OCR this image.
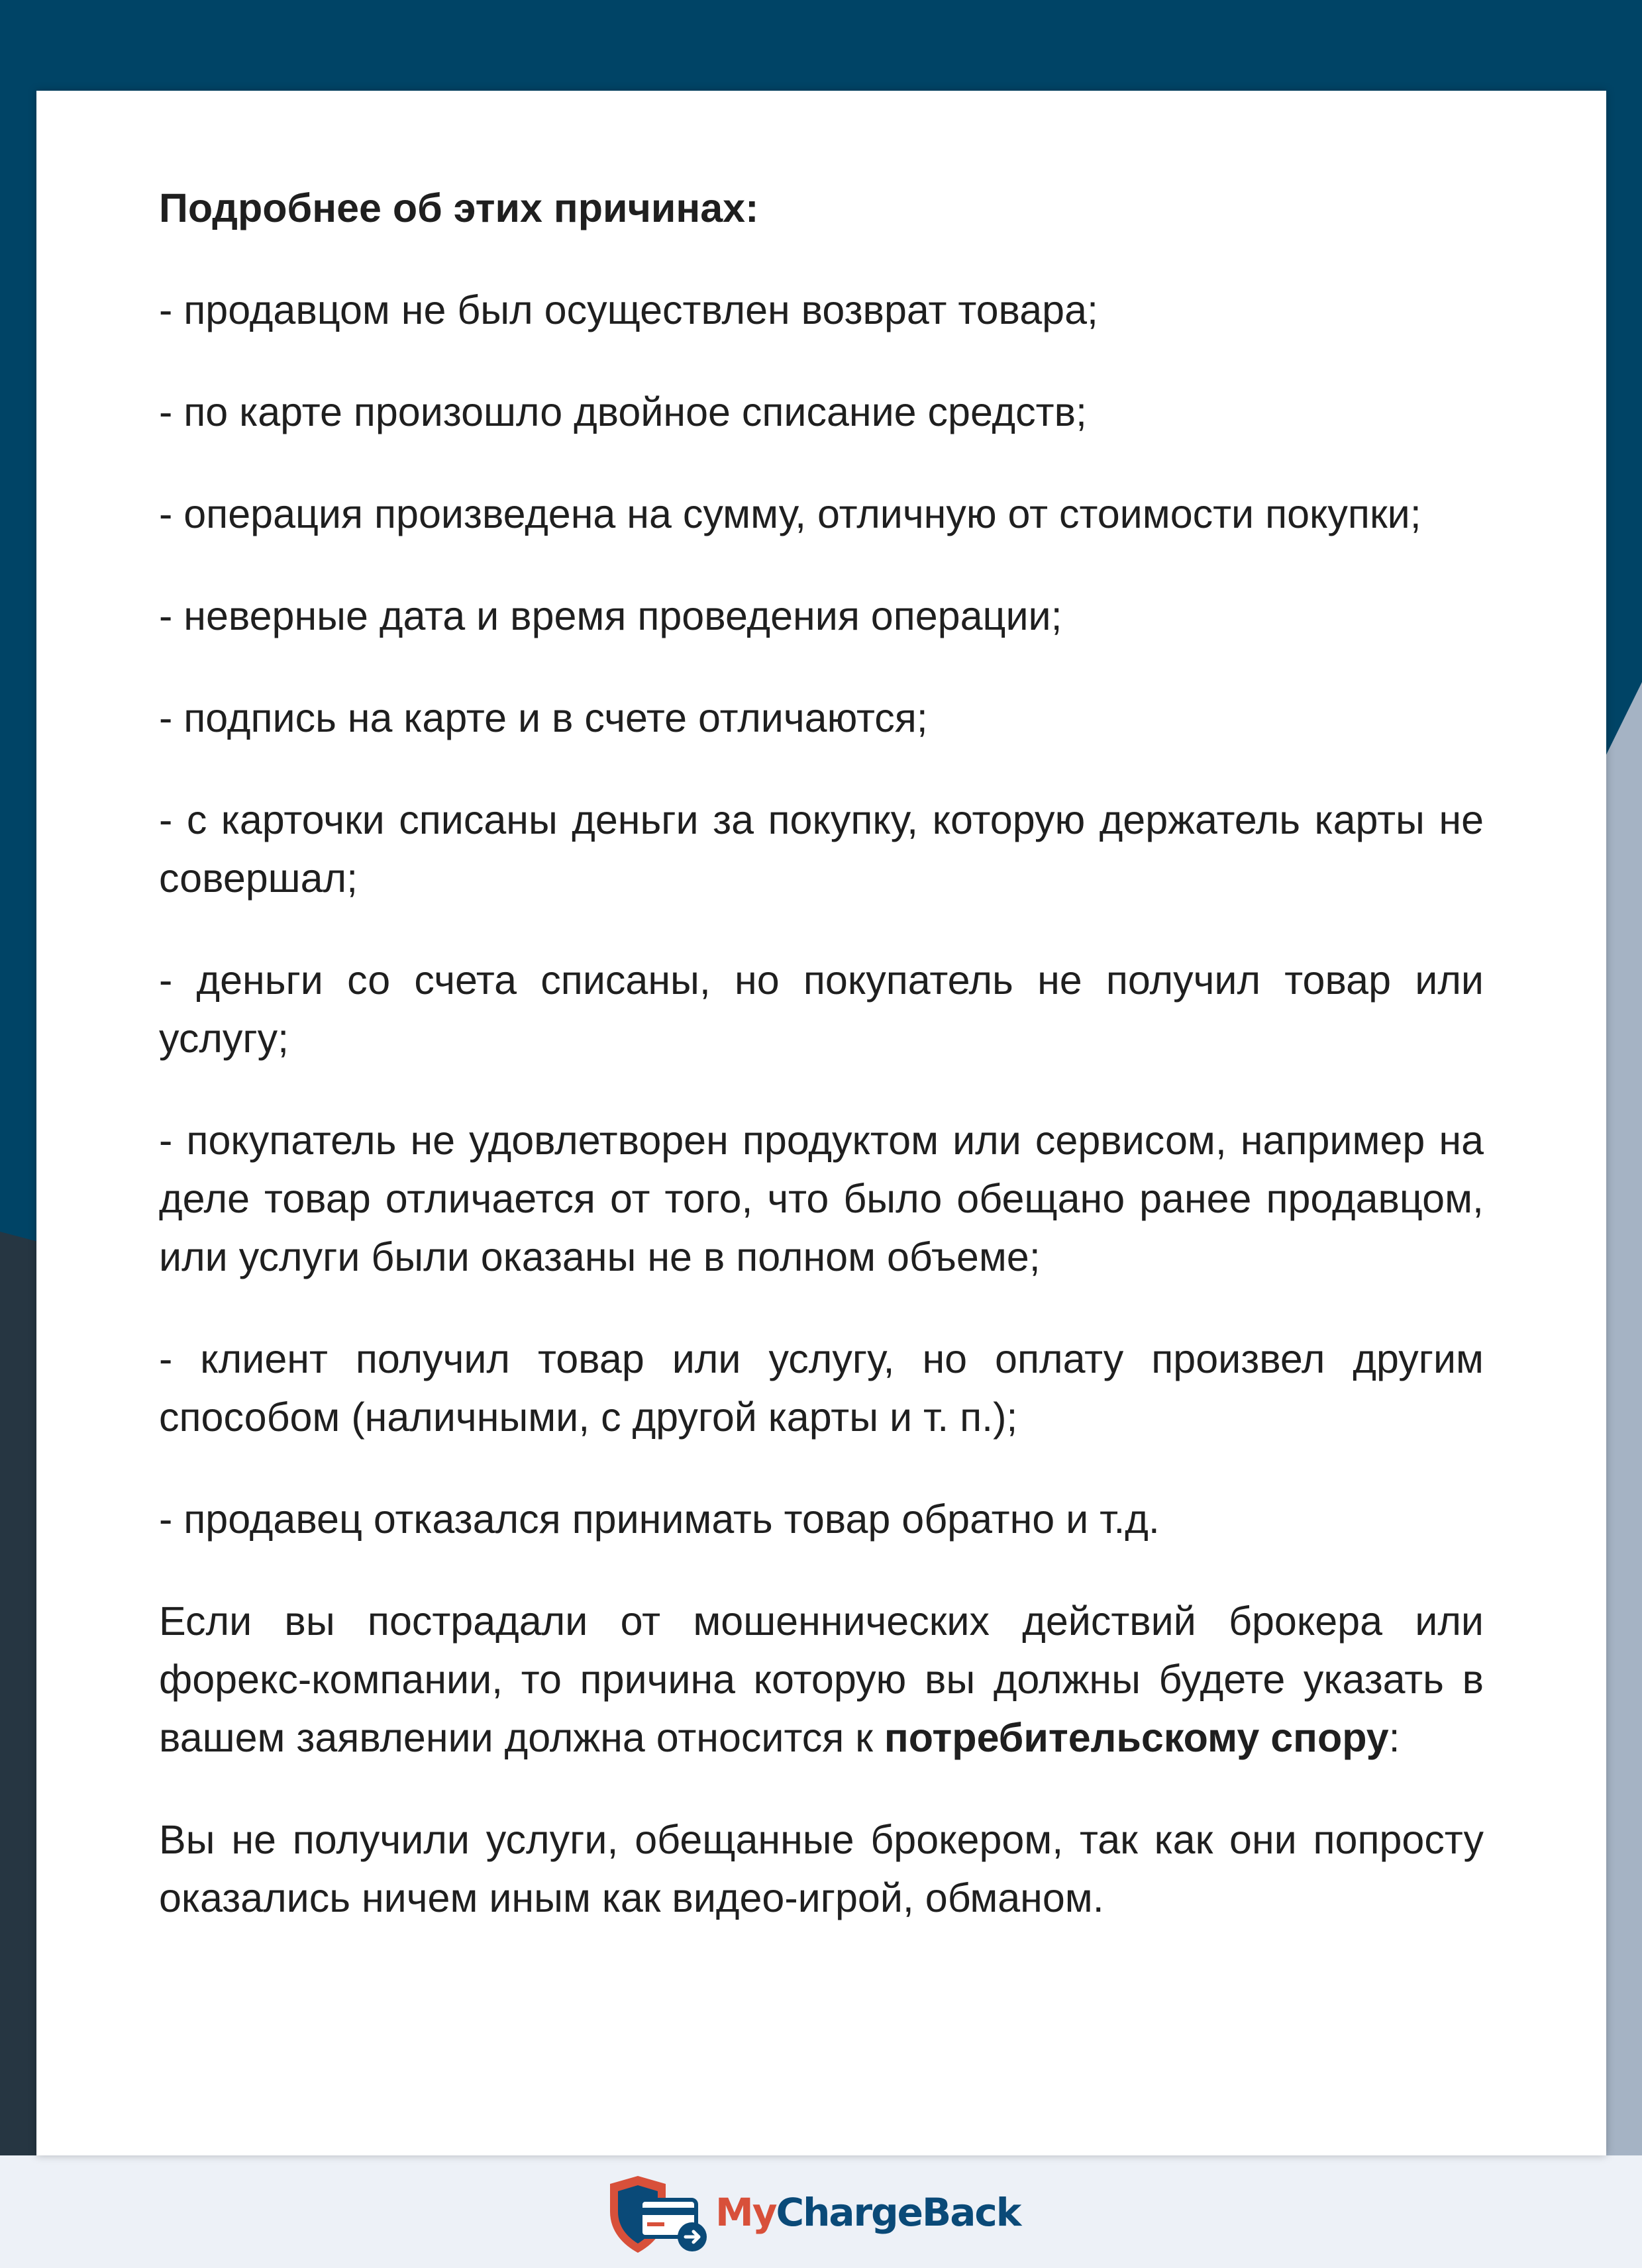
Подробнее об этих причинах:

- продавцом не был осуществлен возврат товара;

- по карте произошло двойное списание средств;

- операция произведена на сумму, отличную от стоимости покупки;

- неверные дата и время проведения операции;

- подпись на карте и в счете отличаются;

- с карточки списаны деньги за покупку, которую держатель карты не совершал;

- деньги со счета списаны, но покупатель не получил товар или услугу;

- покупатель не удовлетворен продуктом или сервисом, например на деле товар отличается от того, что было обещано ранее продавцом, или услуги были оказаны не в полном объеме;

- клиент получил товар или услугу, но оплату произвел другим способом (наличными, с другой карты и т. п.);

- продавец отказался принимать товар обратно и т.д.

Если вы пострадали от мошеннических действий брокера или форекс-компании, то причина которую вы должны будете указать в вашем заявлении должна относится к потребительскому спору:

Вы не получили услуги, обещанные брокером, так как они попросту оказались ничем иным как видео-игрой, обманом.

MyChargeBack
